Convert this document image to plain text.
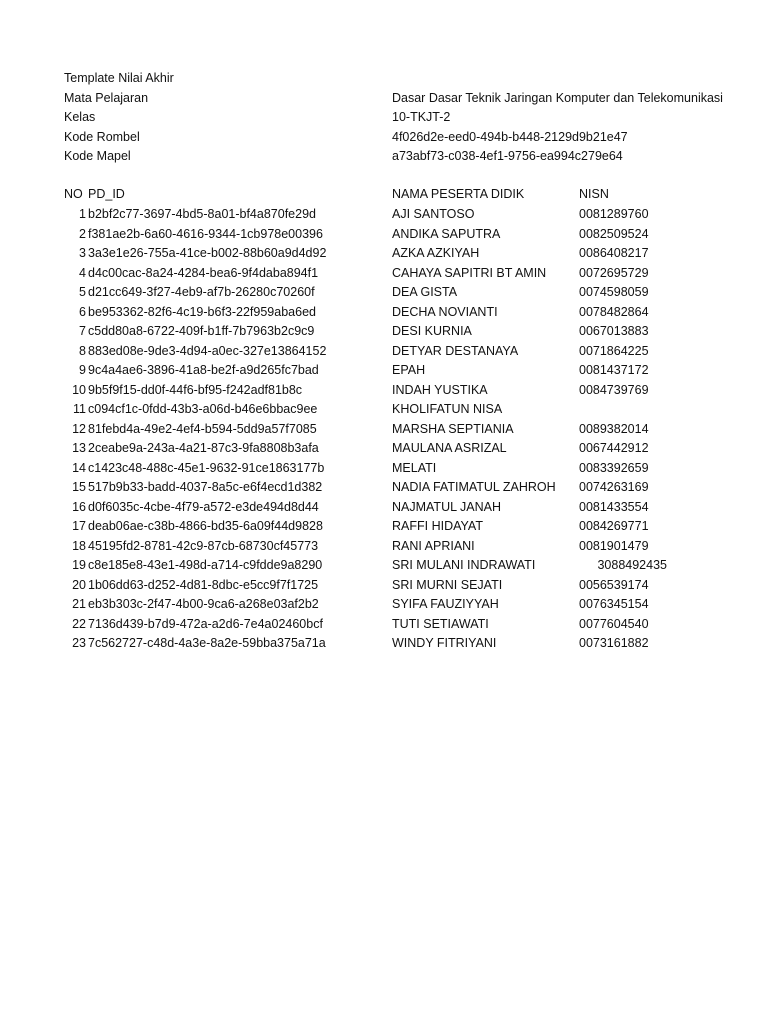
Template Nilai Akhir
Mata Pelajaran	Dasar Dasar Teknik Jaringan Komputer dan Telekomunikasi
Kelas	10-TKJT-2
Kode Rombel	4f026d2e-eed0-494b-b448-2129d9b21e47
Kode Mapel	a73abf73-c038-4ef1-9756-ea994c279e64
NO PD_ID	NAMA PESERTA DIDIK	NISN
1 b2bf2c77-3697-4bd5-8a01-bf4a870fe29d	AJI SANTOSO	0081289760
2 f381ae2b-6a60-4616-9344-1cb978e00396	ANDIKA SAPUTRA	0082509524
3 3a3e1e26-755a-41ce-b002-88b60a9d4d92	AZKA AZKIYAH	0086408217
4 d4c00cac-8a24-4284-bea6-9f4daba894f1	CAHAYA SAPITRI BT AMIN	0072695729
5 d21cc649-3f27-4eb9-af7b-26280c70260f	DEA GISTA	0074598059
6 be953362-82f6-4c19-b6f3-22f959aba6ed	DECHA NOVIANTI	0078482864
7 c5dd80a8-6722-409f-b1ff-7b7963b2c9c9	DESI KURNIA	0067013883
8 883ed08e-9de3-4d94-a0ec-327e13864152	DETYAR DESTANAYA	0071864225
9 9c4a4ae6-3896-41a8-be2f-a9d265fc7bad	EPAH	0081437172
10 9b5f9f15-dd0f-44f6-bf95-f242adf81b8c	INDAH YUSTIKA	0084739769
11 c094cf1c-0fdd-43b3-a06d-b46e6bbac9ee	KHOLIFATUN NISA
12 81febd4a-49e2-4ef4-b594-5dd9a57f7085	MARSHA SEPTIANIA	0089382014
13 2ceabe9a-243a-4a21-87c3-9fa8808b3afa	MAULANA ASRIZAL	0067442912
14 c1423c48-488c-45e1-9632-91ce1863177b	MELATI	0083392659
15 517b9b33-badd-4037-8a5c-e6f4ecd1d382	NADIA FATIMATUL ZAHROH	0074263169
16 d0f6035c-4cbe-4f79-a572-e3de494d8d44	NAJMATUL JANAH	0081433554
17 deab06ae-c38b-4866-bd35-6a09f44d9828	RAFFI HIDAYAT	0084269771
18 45195fd2-8781-42c9-87cb-68730cf45773	RANI APRIANI	0081901479
19 c8e185e8-43e1-498d-a714-c9fdde9a8290	SRI MULANI INDRAWATI	3088492435
20 1b06dd63-d252-4d81-8dbc-e5cc9f7f1725	SRI MURNI SEJATI	0056539174
21 eb3b303c-2f47-4b00-9ca6-a268e03af2b2	SYIFA FAUZIYYAH	0076345154
22 7136d439-b7d9-472a-a2d6-7e4a02460bcf	TUTI SETIAWATI	0077604540
23 7c562727-c48d-4a3e-8a2e-59bba375a71a	WINDY FITRIYANI	0073161882
